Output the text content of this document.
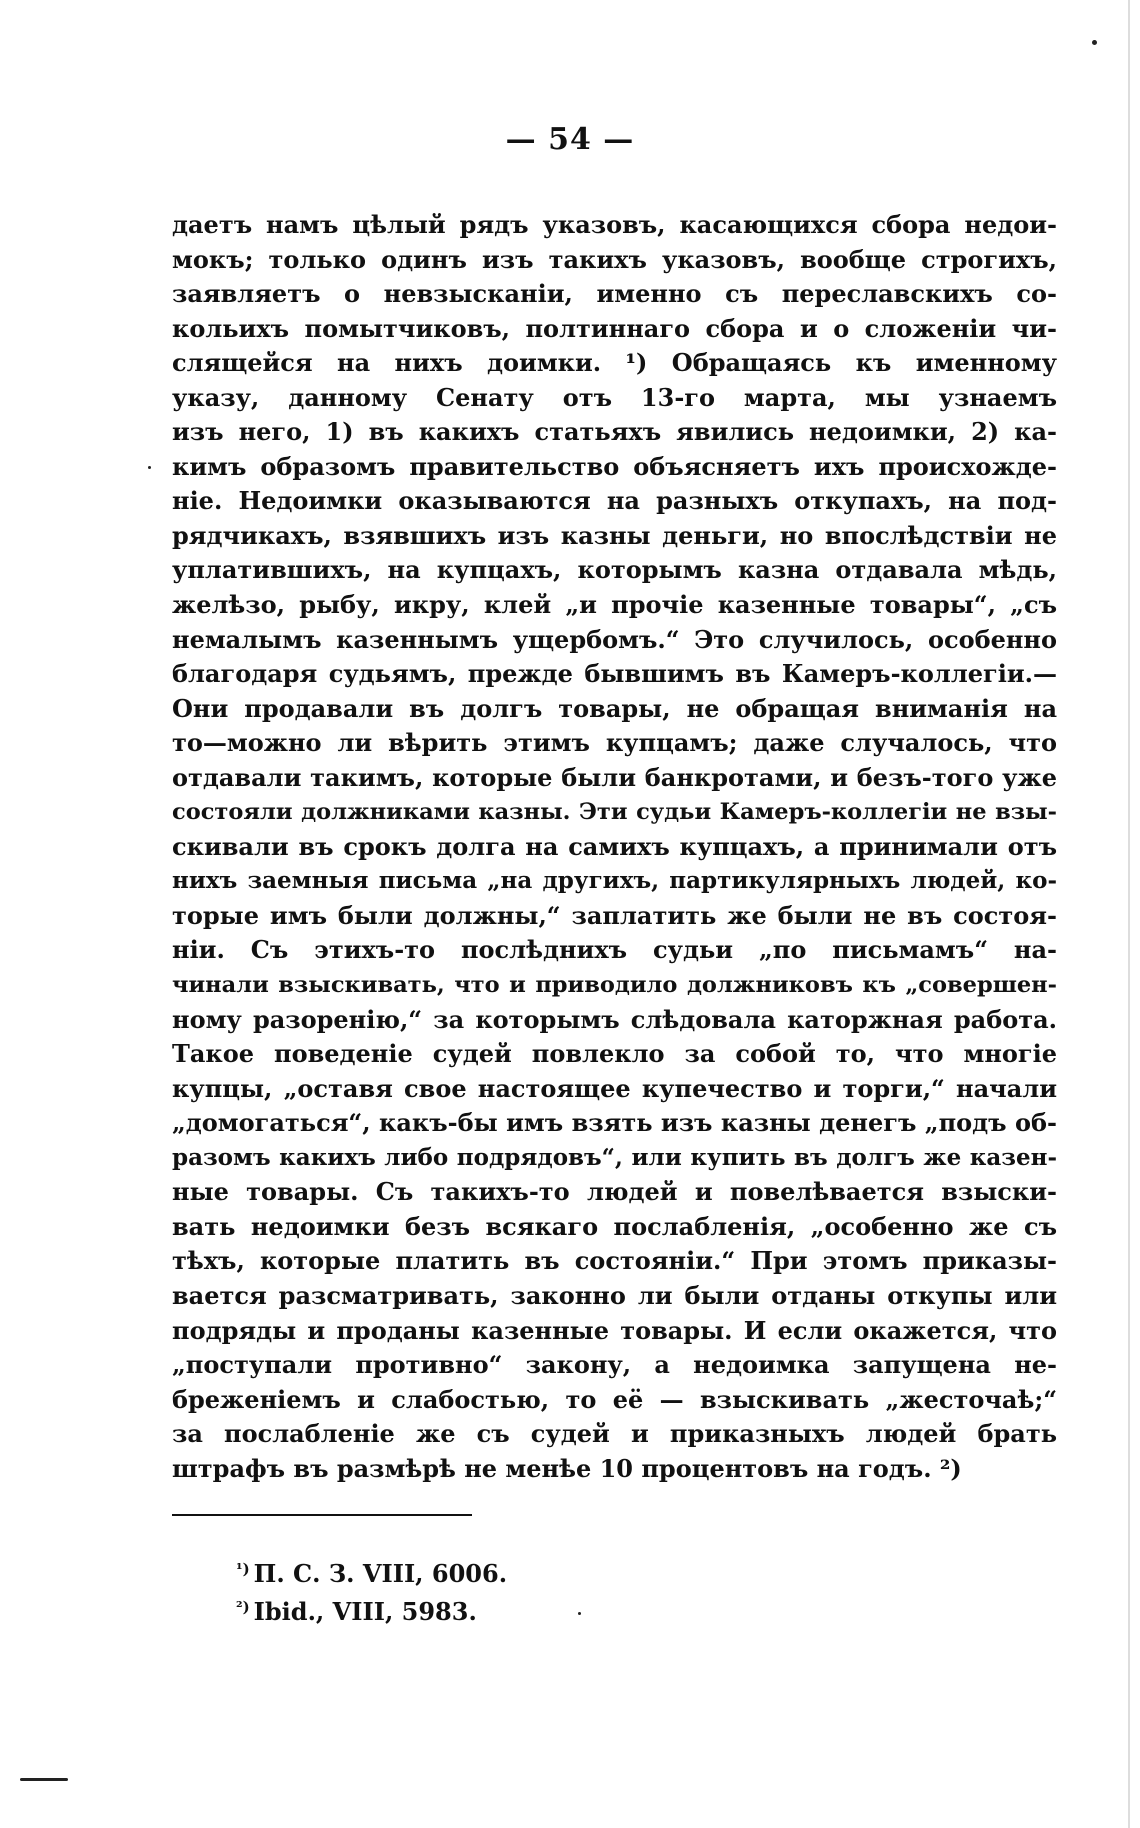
— 54 —
даетъ намъ цѣлый рядъ указовъ, касающихся сбора недои-
мокъ; только одинъ изъ такихъ указовъ, вообще строгихъ,
заявляетъ о невзысканіи, именно съ переславскихъ со-
кольихъ помытчиковъ, полтиннаго сбора и о сложеніи чи-
слящейся на нихъ доимки. ¹) Обращаясь къ именному
указу, данному Сенату отъ 13-го марта, мы узнаемъ
изъ него, 1) въ какихъ статьяхъ явились недоимки, 2) ка-
кимъ образомъ правительство объясняетъ ихъ происхожде-
ніе. Недоимки оказываются на разныхъ откупахъ, на под-
рядчикахъ, взявшихъ изъ казны деньги, но впослѣдствіи не
уплатившихъ, на купцахъ, которымъ казна отдавала мѣдь,
желѣзо, рыбу, икру, клей „и прочіе казенные товары“, „съ
немалымъ казеннымъ ущербомъ.“ Это случилось, особенно
благодаря судьямъ, прежде бывшимъ въ Камеръ-коллегіи.—
Они продавали въ долгъ товары, не обращая вниманія на
то—можно ли вѣрить этимъ купцамъ; даже случалось, что
отдавали такимъ, которые были банкротами, и безъ-того уже
состояли должниками казны. Эти судьи Камеръ-коллегіи не взы-
скивали въ срокъ долга на самихъ купцахъ, а принимали отъ
нихъ заемныя письма „на другихъ, партикулярныхъ людей, ко-
торые имъ были должны,“ заплатить же были не въ состоя-
ніи. Съ этихъ-то послѣднихъ судьи „по письмамъ“ на-
чинали взыскивать, что и приводило должниковъ къ „совершен-
ному разоренію,“ за которымъ слѣдовала каторжная работа.
Такое поведеніе судей повлекло за собой то, что многіе
купцы, „оставя свое настоящее купечество и торги,“ начали
„домогаться“, какъ-бы имъ взять изъ казны денегъ „подъ об-
разомъ какихъ либо подрядовъ“, или купить въ долгъ же казен-
ные товары. Съ такихъ-то людей и повелѣвается взыски-
вать недоимки безъ всякаго послабленія, „особенно же съ
тѣхъ, которые платить въ состояніи.“ При этомъ приказы-
вается разсматривать, законно ли были отданы откупы или
подряды и проданы казенные товары. И если окажется, что
„поступали противно“ закону, а недоимка запущена не-
бреженіемъ и слабостью, то её — взыскивать „жесточаѣ;“
за послабленіе же съ судей и приказныхъ людей брать
штрафъ въ размѣрѣ не менѣе 10 процентовъ на годъ. ²)
$^{^1)}$ П. С. З. VIII, 6006.
$^{^2)}$ Ibid., VIII, 5983.
